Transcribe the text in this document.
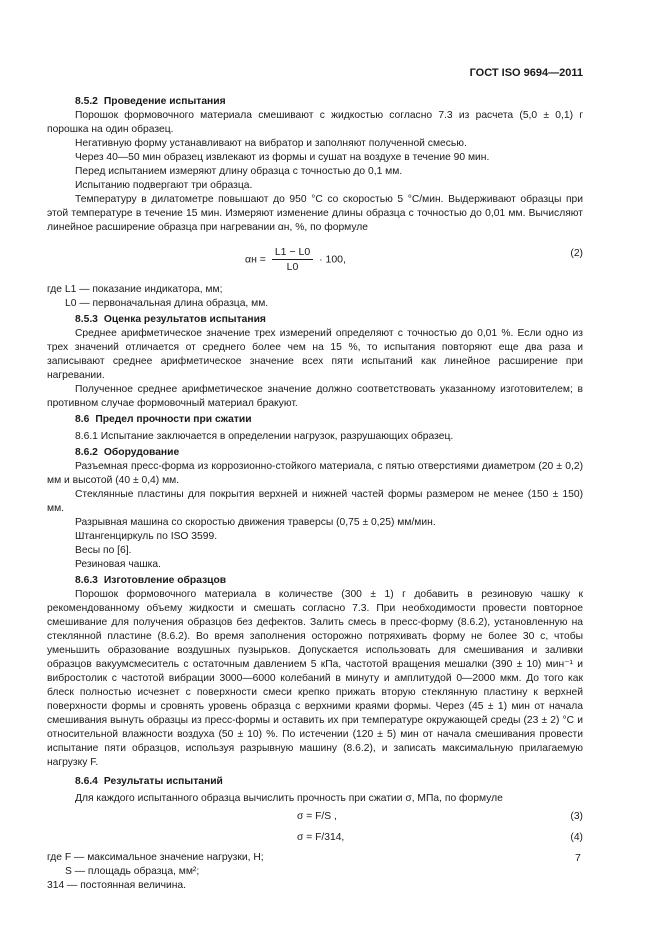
ГОСТ ISO 9694—2011

8.5.2 Проведение испытания

Порошок формовочного материала смешивают с жидкостью согласно 7.3 из расчета (5,0 ± 0,1) г порошка на один образец.

Негативную форму устанавливают на вибратор и заполняют полученной смесью.

Через 40—50 мин образец извлекают из формы и сушат на воздухе в течение 90 мин.

Перед испытанием измеряют длину образца с точностью до 0,1 мм.

Испытанию подвергают три образца.

Температуру в дилатометре повышают до 950 °С со скоростью 5 °С/мин. Выдерживают образцы при этой температуре в течение 15 мин. Измеряют изменение длины образца с точностью до 0,01 мм. Вычисляют линейное расширение образца при нагревании αн, %, по формуле

$\alpha н = \frac{L1 - L0}{L0} \cdot 100$,	(2)

где L1 — показание индикатора, мм;

L0 — первоначальная длина образца, мм.

8.5.3 Оценка результатов испытания

Среднее арифметическое значение трех измерений определяют с точностью до 0,01 %. Если одно из трех значений отличается от среднего более чем на 15 %, то испытания повторяют еще два раза и записывают среднее арифметическое значение всех пяти испытаний как линейное расширение при нагревании.

Полученное среднее арифметическое значение должно соответствовать указанному изготовителем; в противном случае формовочный материал бракуют.

8.6 Предел прочности при сжатии

8.6.1 Испытание заключается в определении нагрузок, разрушающих образец.

8.6.2 Оборудование

Разъемная пресс-форма из коррозионно-стойкого материала, с пятью отверстиями диаметром (20 ± 0,2) мм и высотой (40 ± 0,4) мм.

Стеклянные пластины для покрытия верхней и нижней частей формы размером не менее (150 ± 150) мм.

Разрывная машина со скоростью движения траверсы (0,75 ± 0,25) мм/мин.

Штангенциркуль по ISO 3599.

Весы по [6].

Резиновая чашка.

8.6.3 Изготовление образцов

Порошок формовочного материала в количестве (300 ± 1) г добавить в резиновую чашку к рекомендованному объему жидкости и смешать согласно 7.3. При необходимости провести повторное смешивание для получения образцов без дефектов. Залить смесь в пресс-форму (8.6.2), установленную на стеклянной пластине (8.6.2). Во время заполнения осторожно потряхивать форму не более 30 с, чтобы уменьшить образование воздушных пузырьков. Допускается использовать для смешивания и заливки образцов вакуумсмеситель с остаточным давлением 5 кПа, частотой вращения мешалки (390 ± 10) мин⁻¹ и вибростолик с частотой вибрации 3000—6000 колебаний в минуту и амплитудой 0—2000 мкм. До того как блеск полностью исчезнет с поверхности смеси крепко прижать вторую стеклянную пластину к верхней поверхности формы и сровнять уровень образца с верхними краями формы. Через (45 ± 1) мин от начала смешивания вынуть образцы из пресс-формы и оставить их при температуре окружающей среды (23 ± 2) °С и относительной влажности воздуха (50 ± 10) %. По истечении (120 ± 5) мин от начала смешивания провести испытание пяти образцов, используя разрывную машину (8.6.2), и записать максимальную прилагаемую нагрузку F.

8.6.4 Результаты испытаний

Для каждого испытанного образца вычислить прочность при сжатии σ, МПа, по формуле

σ = F/S ,	(3)
σ = F/314,	(4)

где F — максимальное значение нагрузки, Н;

S — площадь образца, мм²;

314 — постоянная величина.

7
